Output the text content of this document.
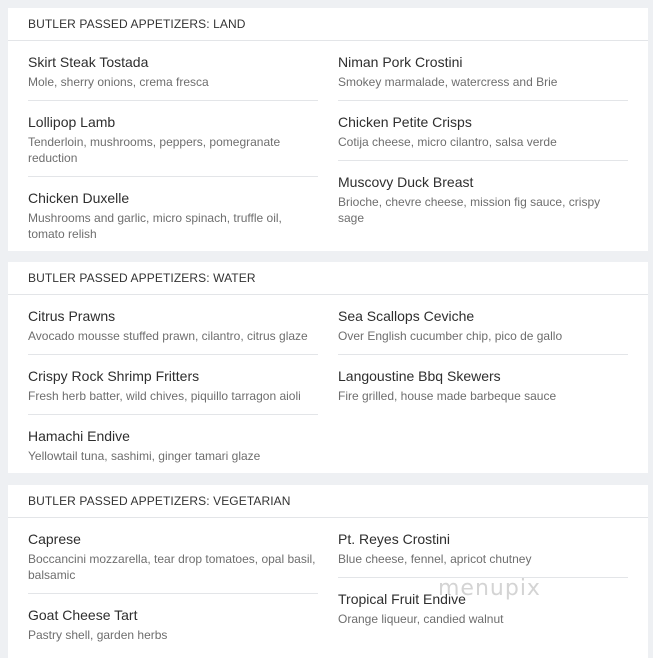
BUTLER PASSED APPETIZERS: LAND
Skirt Steak Tostada
Mole, sherry onions, crema fresca
Lollipop Lamb
Tenderloin, mushrooms, peppers, pomegranate reduction
Chicken Duxelle
Mushrooms and garlic, micro spinach, truffle oil, tomato relish
Niman Pork Crostini
Smokey marmalade, watercress and Brie
Chicken Petite Crisps
Cotija cheese, micro cilantro, salsa verde
Muscovy Duck Breast
Brioche, chevre cheese, mission fig sauce, crispy sage
BUTLER PASSED APPETIZERS: WATER
Citrus Prawns
Avocado mousse stuffed prawn, cilantro, citrus glaze
Crispy Rock Shrimp Fritters
Fresh herb batter, wild chives, piquillo tarragon aioli
Hamachi Endive
Yellowtail tuna, sashimi, ginger tamari glaze
Sea Scallops Ceviche
Over English cucumber chip, pico de gallo
Langoustine Bbq Skewers
Fire grilled, house made barbeque sauce
BUTLER PASSED APPETIZERS: VEGETARIAN
Caprese
Boccancini mozzarella, tear drop tomatoes, opal basil, balsamic
Goat Cheese Tart
Pastry shell, garden herbs
Pt. Reyes Crostini
Blue cheese, fennel, apricot chutney
Tropical Fruit Endive
Orange liqueur, candied walnut
menupix
